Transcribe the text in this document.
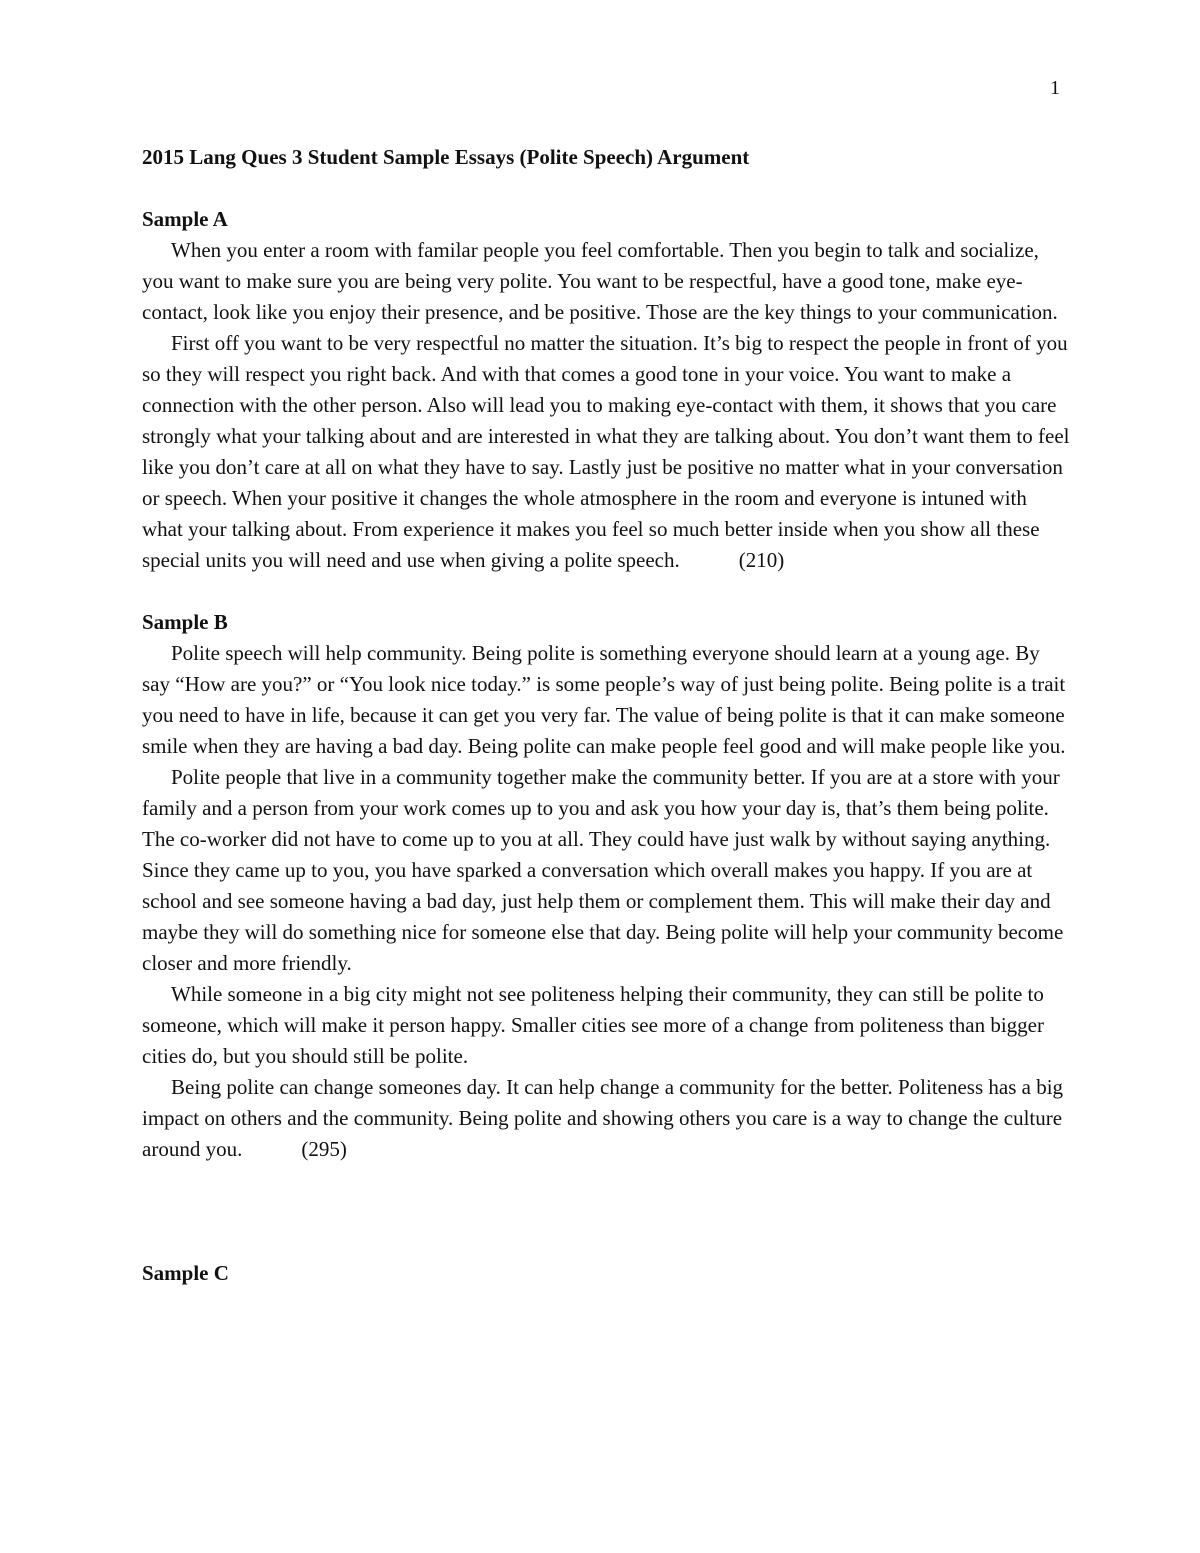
1

2015 Lang Ques 3 Student Sample Essays (Polite Speech) Argument

Sample A

When you enter a room with familar people you feel comfortable. Then you begin to talk and socialize, you want to make sure you are being very polite. You want to be respectful, have a good tone, make eye-contact, look like you enjoy their presence, and be positive. Those are the key things to your communication.

First off you want to be very respectful no matter the situation. It’s big to respect the people in front of you so they will respect you right back. And with that comes a good tone in your voice. You want to make a connection with the other person. Also will lead you to making eye-contact with them, it shows that you care strongly what your talking about and are interested in what they are talking about. You don’t want them to feel like you don’t care at all on what they have to say. Lastly just be positive no matter what in your conversation or speech. When your positive it changes the whole atmosphere in the room and everyone is intuned with what your talking about. From experience it makes you feel so much better inside when you show all these special units you will need and use when giving a polite speech.	(210)

Sample B

Polite speech will help community. Being polite is something everyone should learn at a young age. By say “How are you?” or “You look nice today.” is some people’s way of just being polite. Being polite is a trait you need to have in life, because it can get you very far. The value of being polite is that it can make someone smile when they are having a bad day. Being polite can make people feel good and will make people like you.

Polite people that live in a community together make the community better. If you are at a store with your family and a person from your work comes up to you and ask you how your day is, that’s them being polite. The co-worker did not have to come up to you at all. They could have just walk by without saying anything. Since they came up to you, you have sparked a conversation which overall makes you happy. If you are at school and see someone having a bad day, just help them or complement them. This will make their day and maybe they will do something nice for someone else that day. Being polite will help your community become closer and more friendly.

While someone in a big city might not see politeness helping their community, they can still be polite to someone, which will make it person happy. Smaller cities see more of a change from politeness than bigger cities do, but you should still be polite.

Being polite can change someones day. It can help change a community for the better. Politeness has a big impact on others and the community. Being polite and showing others you care is a way to change the culture around you.	(295)

Sample C
